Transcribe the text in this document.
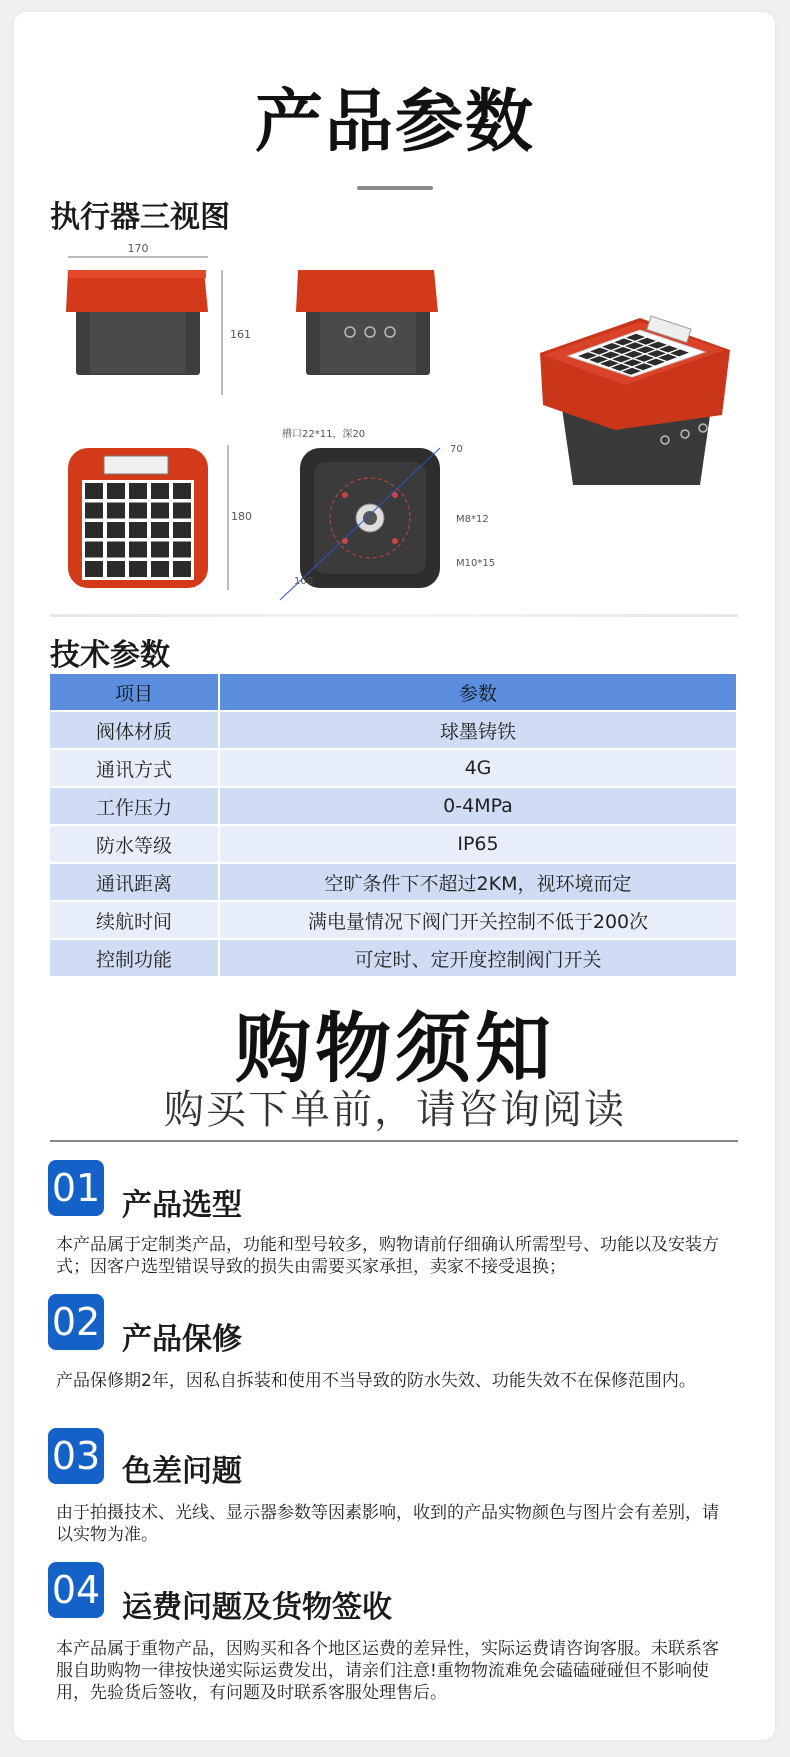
产品参数
执行器三视图
170
161
180
槽口22*11，深20
70
M8*12
M10*15
100
技术参数
项目	参数
阀体材质	球墨铸铁
通讯方式	4G
工作压力	0-4MPa
防水等级	IP65
通讯距离	空旷条件下不超过2KM，视环境而定
续航时间	满电量情况下阀门开关控制不低于200次
控制功能	可定时、定开度控制阀门开关
购物须知
购买下单前，请咨询阅读
01 产品选型
本产品属于定制类产品，功能和型号较多，购物请前仔细确认所需型号、功能以及安装方式；因客户选型错误导致的损失由需要买家承担，卖家不接受退换；
02 产品保修
产品保修期2年，因私自拆装和使用不当导致的防水失效、功能失效不在保修范围内。
03 色差问题
由于拍摄技术、光线、显示器参数等因素影响，收到的产品实物颜色与图片会有差别，请以实物为准。
04 运费问题及货物签收
本产品属于重物产品，因购买和各个地区运费的差异性，实际运费请咨询客服。未联系客服自助购物一律按快递实际运费发出，请亲们注意!重物物流难免会磕磕碰碰但不影响使用，先验货后签收，有问题及时联系客服处理售后。
